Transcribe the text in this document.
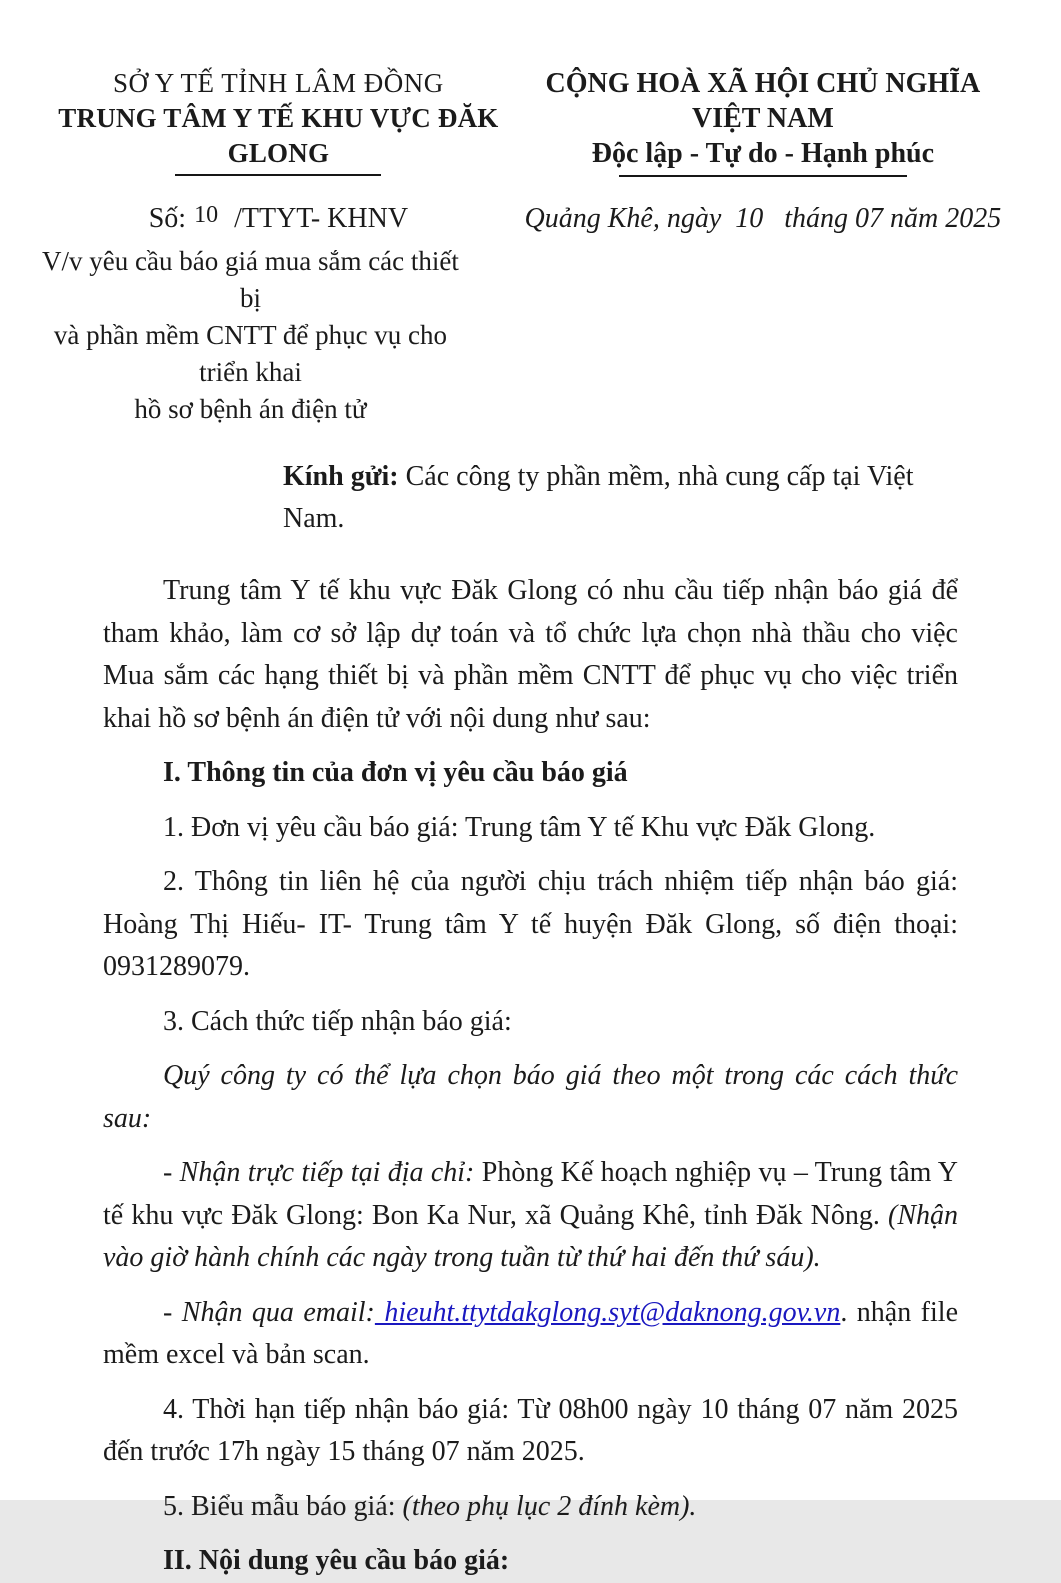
SỞ Y TẾ TỈNH LÂM ĐỒNG
TRUNG TÂM Y TẾ KHU VỰC ĐĂK GLONG
CỘNG HOÀ XÃ HỘI CHỦ NGHĨA VIỆT NAM
Độc lập - Tự do - Hạnh phúc
Số: 10 /TTYT- KHNV	Quảng Khê, ngày  10   tháng 07 năm 2025
V/v yêu cầu báo giá mua sắm các thiết bị
và phần mềm CNTT để phục vụ cho triển khai
hồ sơ bệnh án điện tử
Kính gửi: Các công ty phần mềm, nhà cung cấp tại Việt Nam.

Trung tâm Y tế khu vực Đăk Glong có nhu cầu tiếp nhận báo giá để tham khảo, làm cơ sở lập dự toán và tổ chức lựa chọn nhà thầu cho việc Mua sắm các hạng thiết bị và phần mềm CNTT để phục vụ cho việc triển khai hồ sơ bệnh án điện tử với nội dung như sau:

I. Thông tin của đơn vị yêu cầu báo giá

1. Đơn vị yêu cầu báo giá: Trung tâm Y tế Khu vực Đăk Glong.

2. Thông tin liên hệ của người chịu trách nhiệm tiếp nhận báo giá: Hoàng Thị Hiếu- IT- Trung tâm Y tế huyện Đăk Glong, số điện thoại: 0931289079.

3. Cách thức tiếp nhận báo giá:

Quý công ty có thể lựa chọn báo giá theo một trong các cách thức sau:

- Nhận trực tiếp tại địa chỉ: Phòng Kế hoạch nghiệp vụ – Trung tâm Y tế khu vực Đăk Glong: Bon Ka Nur, xã Quảng Khê, tỉnh Đăk Nông. (Nhận vào giờ hành chính các ngày trong tuần từ thứ hai đến thứ sáu).

- Nhận qua email: hieuht.ttytdakglong.syt@daknong.gov.vn. nhận file mềm excel và bản scan.

4. Thời hạn tiếp nhận báo giá: Từ 08h00 ngày 10 tháng 07 năm 2025 đến trước 17h ngày 15 tháng 07 năm 2025.

5. Biểu mẫu báo giá: (theo phụ lục 2 đính kèm).

II. Nội dung yêu cầu báo giá:
